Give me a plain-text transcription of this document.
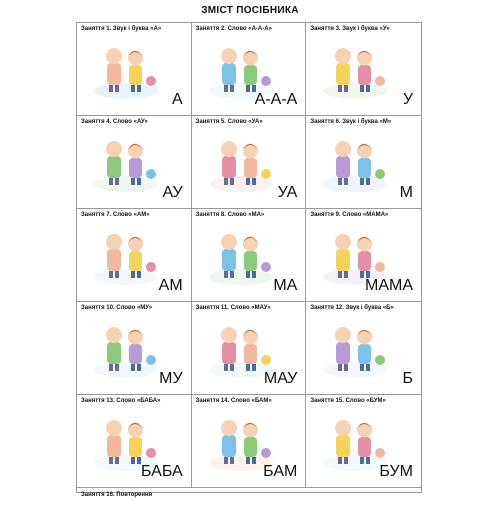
ЗМІСТ ПОСІБНИКА
Заняття 1. Звук і буква «А»
А
Заняття 2. Слово «А-А-А»
А-А-А
Заняття 3. Звук і буква «У»
У
Заняття 4. Слово «АУ»
АУ
Заняття 5. Слово «УА»
УА
Заняття 6. Звук і буква «М»
М
Заняття 7. Слово «АМ»
АМ
Заняття 8. Слово «МА»
МА
Заняття 9. Слово «МАМА»
МАМА
Заняття 10. Слово «МУ»
МУ
Заняття 11. Слово «МАУ»
МАУ
Заняття 12. Звук і буква «Б»
Б
Заняття 13. Слово «БАБА»
БАБА
Заняття 14. Слово «БАМ»
БАМ
Заняття 15. Слово «БУМ»
БУМ
Заняття 16. Повторення
